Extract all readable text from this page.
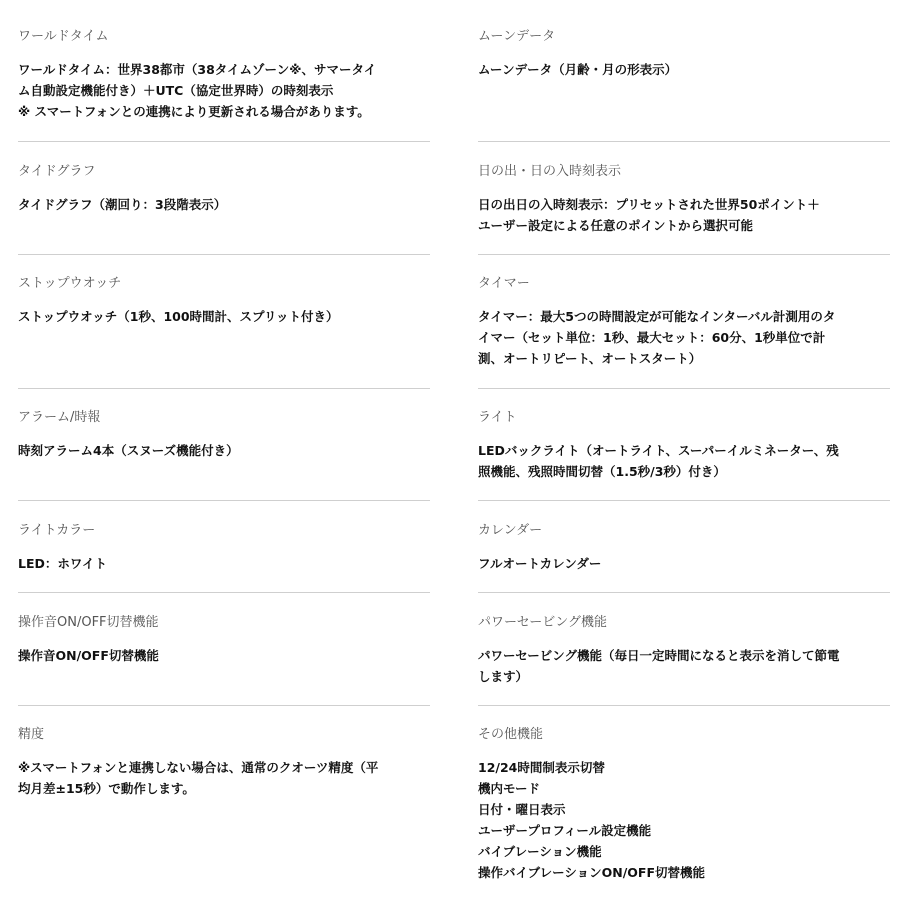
ワールドタイム
ワールドタイム：世界38都市（38タイムゾーン※、サマータイ
ム自動設定機能付き）＋UTC（協定世界時）の時刻表示
※ スマートフォンとの連携により更新される場合があります。
タイドグラフ
タイドグラフ（潮回り：3段階表示）
ストップウオッチ
ストップウオッチ（1秒、100時間計、スプリット付き）
アラーム/時報
時刻アラーム4本（スヌーズ機能付き）
ライトカラー
LED：ホワイト
操作音ON/OFF切替機能
操作音ON/OFF切替機能
精度
※スマートフォンと連携しない場合は、通常のクオーツ精度（平
均月差±15秒）で動作します。
ムーンデータ
ムーンデータ（月齢・月の形表示）
日の出・日の入時刻表示
日の出日の入時刻表示：プリセットされた世界50ポイント＋
ユーザー設定による任意のポイントから選択可能
タイマー
タイマー：最大5つの時間設定が可能なインターバル計測用のタ
イマー（セット単位：1秒、最大セット：60分、1秒単位で計
測、オートリピート、オートスタート）
ライト
LEDバックライト（オートライト、スーパーイルミネーター、残
照機能、残照時間切替（1.5秒/3秒）付き）
カレンダー
フルオートカレンダー
パワーセービング機能
パワーセービング機能（毎日一定時間になると表示を消して節電
します）
その他機能
12/24時間制表示切替
機内モード
日付・曜日表示
ユーザープロフィール設定機能
バイブレーション機能
操作バイブレーションON/OFF切替機能
